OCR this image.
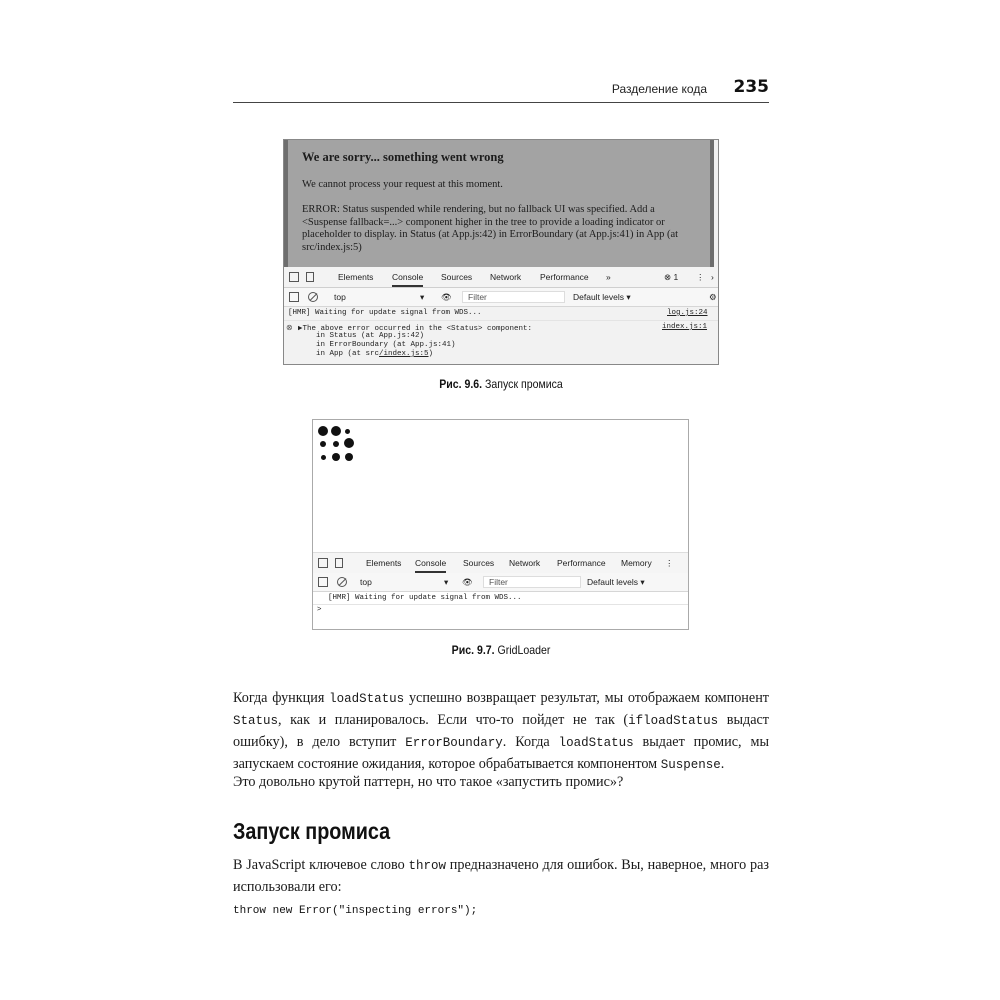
Разделение кода 235
We are sorry... something went wrong
We cannot process your request at this moment.
ERROR: Status suspended while rendering, but no fallback UI was specified. Add a <Suspense fallback=...> component higher in the tree to provide a loading indicator or placeholder to display. in Status (at App.js:42) in ErrorBoundary (at App.js:41) in App (at src/index.js:5)
Elements Console Sources Network Performance »	⊗ 1 ⋮ ›
top	▾ 👁 Filter	Default levels ▾	⚙
[HMR] Waiting for update signal from WDS...	log.js:24
⊗ ▶The above error occurred in the <Status> component:
in Status (at App.js:42)
in ErrorBoundary (at App.js:41)
in App (at src/index.js:5)
index.js:1
Рис. 9.6. Запуск промиса
Elements Console Sources Network Performance Memory ⋮
top	▾ 👁 Filter	Default levels ▾
[HMR] Waiting for update signal from WDS...
>
Рис. 9.7. GridLoader
Когда функция loadStatus успешно возвращает результат, мы отображаем компонент Status, как и планировалось. Если что-то пойдет не так (ifloadStatus выдаст ошибку), в дело вступит ErrorBoundary. Когда loadStatus выдает промис, мы запускаем состояние ожидания, которое обрабатывается компонентом Suspense.
Это довольно крутой паттерн, но что такое «запустить промис»?
Запуск промиса
В JavaScript ключевое слово throw предназначено для ошибок. Вы, наверное, много раз использовали его:
throw new Error("inspecting errors");
